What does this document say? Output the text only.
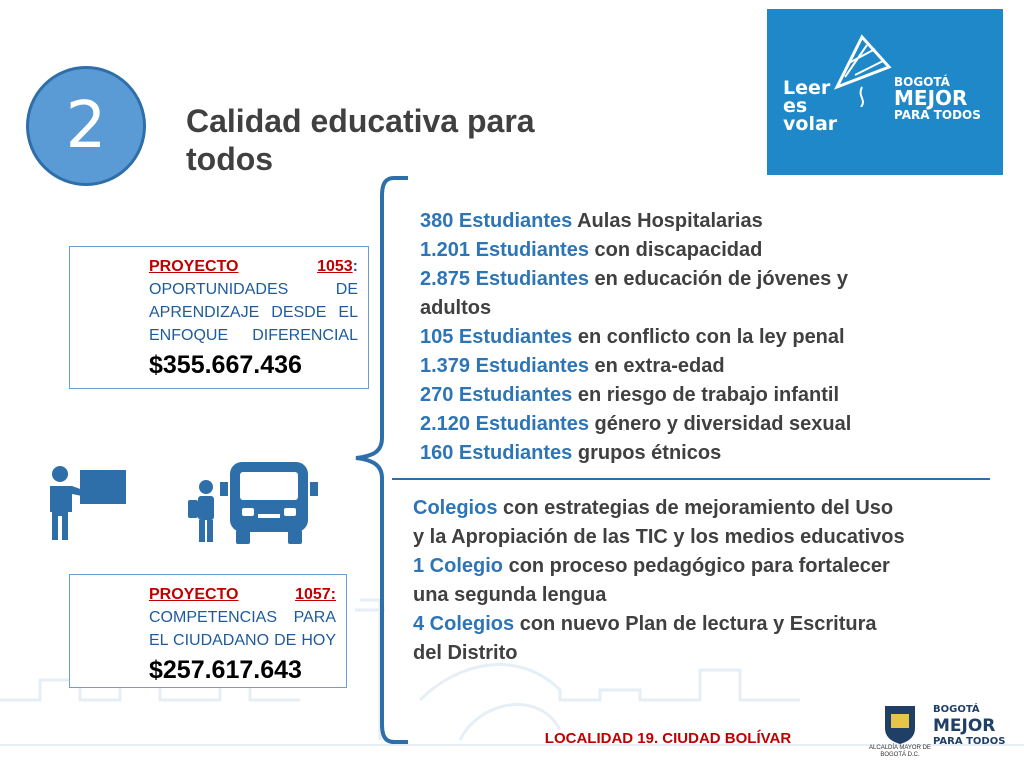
2 Calidad educativa para todos
Leer es volar
BOGOTÁ
MEJOR
PARA TODOS
PROYECTO	1053:
OPORTUNIDADES DE APRENDIZAJE DESDE EL ENFOQUE DIFERENCIAL
$355.667.436
PROYECTO	1057:
COMPETENCIAS PARA EL CIUDADANO DE HOY
$257.617.643
380 Estudiantes Aulas Hospitalarias
1.201 Estudiantes con discapacidad
2.875 Estudiantes en educación de jóvenes y
adultos
105 Estudiantes en conflicto con la ley penal
1.379 Estudiantes en extra-edad
270 Estudiantes en riesgo de trabajo infantil
2.120 Estudiantes género y diversidad sexual
160 Estudiantes grupos étnicos
Colegios con estrategias de mejoramiento del Uso
y la Apropiación de las TIC y los medios educativos
1 Colegio con proceso pedagógico para fortalecer
una segunda lengua
4 Colegios con nuevo Plan de lectura y Escritura
del Distrito
LOCALIDAD 19. CIUDAD BOLÍVAR
ALCALDÍA MAYOR DE BOGOTÁ D.C.
BOGOTÁ
MEJOR
PARA TODOS
